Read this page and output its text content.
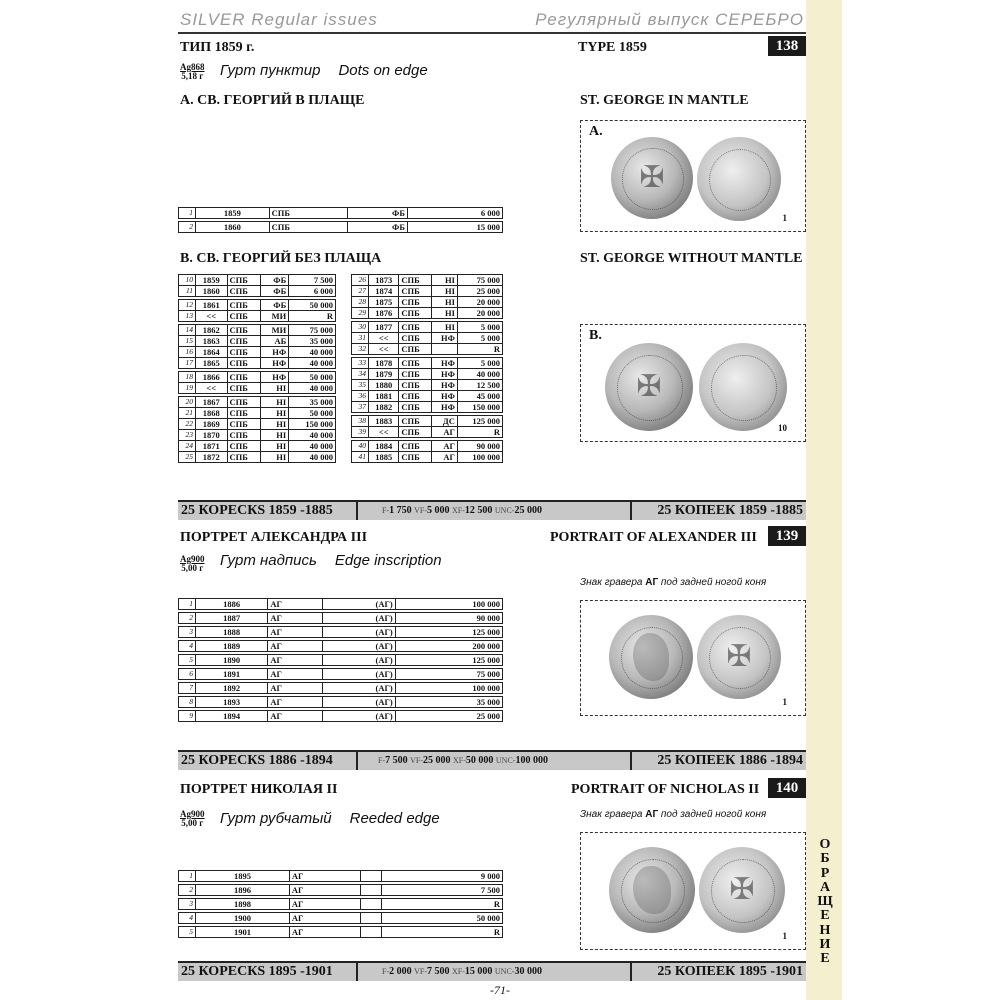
О
Б
Р
А
Щ
Е
Н
И
Е
SILVER Regular issues	Регулярный выпуск СЕРЕБРО
ТИП 1859 г.	TYPE 1859	138
Ag868
5,18 г Гурт пунктир Dots on edge
А. СВ. ГЕОРГИЙ В ПЛАЩЕ	ST. GEORGE IN MANTLE
А.
✠
1
1	1859	СПБ	ФБ	6 000

2	1860	СПБ	ФБ	15 000
В. СВ. ГЕОРГИЙ БЕЗ ПЛАЩА	ST. GEORGE WITHOUT MANTLE
10	1859	СПБ	ФБ	7 500
11	1860	СПБ	ФБ	6 000

12	1861	СПБ	ФБ	50 000
13	<<	СПБ	МИ	R

14	1862	СПБ	МИ	75 000
15	1863	СПБ	АБ	35 000
16	1864	СПБ	НФ	40 000
17	1865	СПБ	НФ	40 000

18	1866	СПБ	НФ	50 000
19	<<	СПБ	НІ	40 000

20	1867	СПБ	НІ	35 000
21	1868	СПБ	НІ	50 000
22	1869	СПБ	НІ	150 000
23	1870	СПБ	НІ	40 000
24	1871	СПБ	НІ	40 000
25	1872	СПБ	НІ	40 000
26	1873	СПБ	НІ	75 000
27	1874	СПБ	НІ	25 000
28	1875	СПБ	НІ	20 000
29	1876	СПБ	НІ	20 000

30	1877	СПБ	НІ	5 000
31	<<	СПБ	НФ	5 000
32	<<	СПБ		R

33	1878	СПБ	НФ	5 000
34	1879	СПБ	НФ	40 000
35	1880	СПБ	НФ	12 500
36	1881	СПБ	НФ	45 000
37	1882	СПБ	НФ	150 000

38	1883	СПБ	ДС	125 000
39	<<	СПБ	АГ	R

40	1884	СПБ	АГ	90 000
41	1885	СПБ	АГ	100 000
В.
✠
10
25 КОРЕСКS 1859 -1885	F-1 750 VF-5 000 XF-12 500 UNC-25 000	25 КОПЕЕК 1859 -1885
ПОРТРЕТ АЛЕКСАНДРА III	PORTRAIT OF ALEXANDER III	139
Ag900
5,00 г Гурт надпись Edge inscription
Знак гравера АГ под задней ногой коня
1	1886	АГ	(АГ)	100 000

2	1887	АГ	(АГ)	90 000

3	1888	АГ	(АГ)	125 000

4	1889	АГ	(АГ)	200 000

5	1890	АГ	(АГ)	125 000

6	1891	АГ	(АГ)	75 000

7	1892	АГ	(АГ)	100 000

8	1893	АГ	(АГ)	35 000

9	1894	АГ	(АГ)	25 000
✠
1
25 КОРЕСКS 1886 -1894	F-7 500 VF-25 000 XF-50 000 UNC-100 000	25 КОПЕЕК 1886 -1894
ПОРТРЕТ НИКОЛАЯ II	PORTRAIT OF NICHOLAS II	140
Знак гравера АГ под задней ногой коня
Ag900
5,00 г Гурт рубчатый Reeded edge
✠
1
1	1895	АГ		9 000

2	1896	АГ		7 500

3	1898	АГ		R

4	1900	АГ		50 000

5	1901	АГ		R
25 КОРЕСКS 1895 -1901	F-2 000 VF-7 500 XF-15 000 UNC-30 000	25 КОПЕЕК 1895 -1901
-71-
